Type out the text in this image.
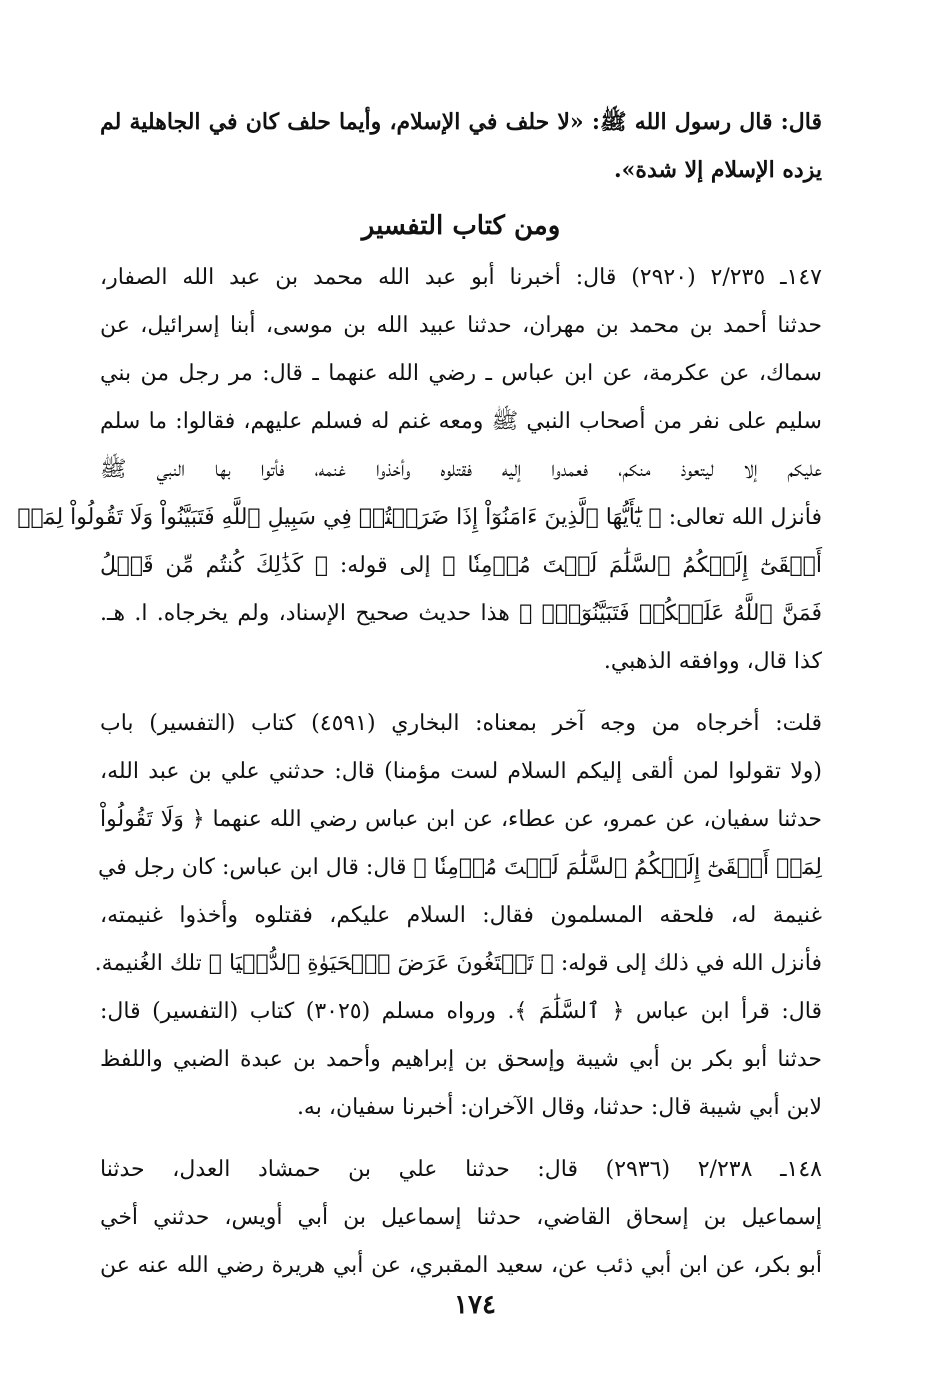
قال: قال رسول الله ﷺ: «لا حلف في الإسلام، وأيما حلف كان في الجاهلية لم
يزده الإسلام إلا شدة».
ومن كتاب التفسير
١٤٧ـ ٢/٢٣٥ (٢٩٢٠) قال: أخبرنا أبو عبد الله محمد بن عبد الله الصفار،
حدثنا أحمد بن محمد بن مهران، حدثنا عبيد الله بن موسى، أبنا إسرائيل، عن
سماك، عن عكرمة، عن ابن عباس ـ رضي الله عنهما ـ قال: مر رجل من بني
سليم على نفر من أصحاب النبي ﷺ ومعه غنم له فسلم عليهم، فقالوا: ما سلم
عليكم إلا ليتعوذ منكم، فعمدوا إليه فقتلوه وأخذوا غنمه، فأتوا بها النبي ﷺ
فأنزل الله تعالى: ﴿ يَٰٓأَيُّهَا ٱلَّذِينَ ءَامَنُوٓاْ إِذَا ضَرَبۡتُمۡ فِي سَبِيلِ ٱللَّهِ فَتَبَيَّنُواْ وَلَا تَقُولُواْ لِمَنۡ
أَلۡقَىٰٓ إِلَيۡكُمُ ٱلسَّلَٰمَ لَسۡتَ مُؤۡمِنٗا ﴾ إلى قوله: ﴿ كَذَٰلِكَ كُنتُم مِّن قَبۡلُ
فَمَنَّ ٱللَّهُ عَلَيۡكُمۡ فَتَبَيَّنُوٓاْۚ ﴾ هذا حديث صحيح الإسناد، ولم يخرجاه. ا. هـ.
كذا قال، ووافقه الذهبي.
قلت: أخرجاه من وجه آخر بمعناه: البخاري (٤٥٩١) كتاب (التفسير) باب
(ولا تقولوا لمن ألقى إليكم السلام لست مؤمنا) قال: حدثني علي بن عبد الله،
حدثنا سفيان، عن عمرو، عن عطاء، عن ابن عباس رضي الله عنهما ﴿ وَلَا تَقُولُواْ
لِمَنۡ أَلۡقَىٰٓ إِلَيۡكُمُ ٱلسَّلَٰمَ لَسۡتَ مُؤۡمِنٗا ﴾ قال: قال ابن عباس: كان رجل في
غنيمة له، فلحقه المسلمون فقال: السلام عليكم، فقتلوه وأخذوا غنيمته،
فأنزل الله في ذلك إلى قوله: ﴿ تَبۡتَغُونَ عَرَضَ ٱلۡحَيَوٰةِ ٱلدُّنۡيَا ﴾ تلك الغُنيمة.
قال: قرأ ابن عباس ﴿ ٱلسَّلَٰمَ ﴾. ورواه مسلم (٣٠٢٥) كتاب (التفسير) قال:
حدثنا أبو بكر بن أبي شيبة وإسحق بن إبراهيم وأحمد بن عبدة الضبي واللفظ
لابن أبي شيبة قال: حدثنا، وقال الآخران: أخبرنا سفيان، به.
١٤٨ـ ٢/٢٣٨ (٢٩٣٦) قال: حدثنا علي بن حمشاد العدل، حدثنا
إسماعيل بن إسحاق القاضي، حدثنا إسماعيل بن أبي أويس، حدثني أخي
أبو بكر، عن ابن أبي ذئب عن، سعيد المقبري، عن أبي هريرة رضي الله عنه عن
١٧٤
